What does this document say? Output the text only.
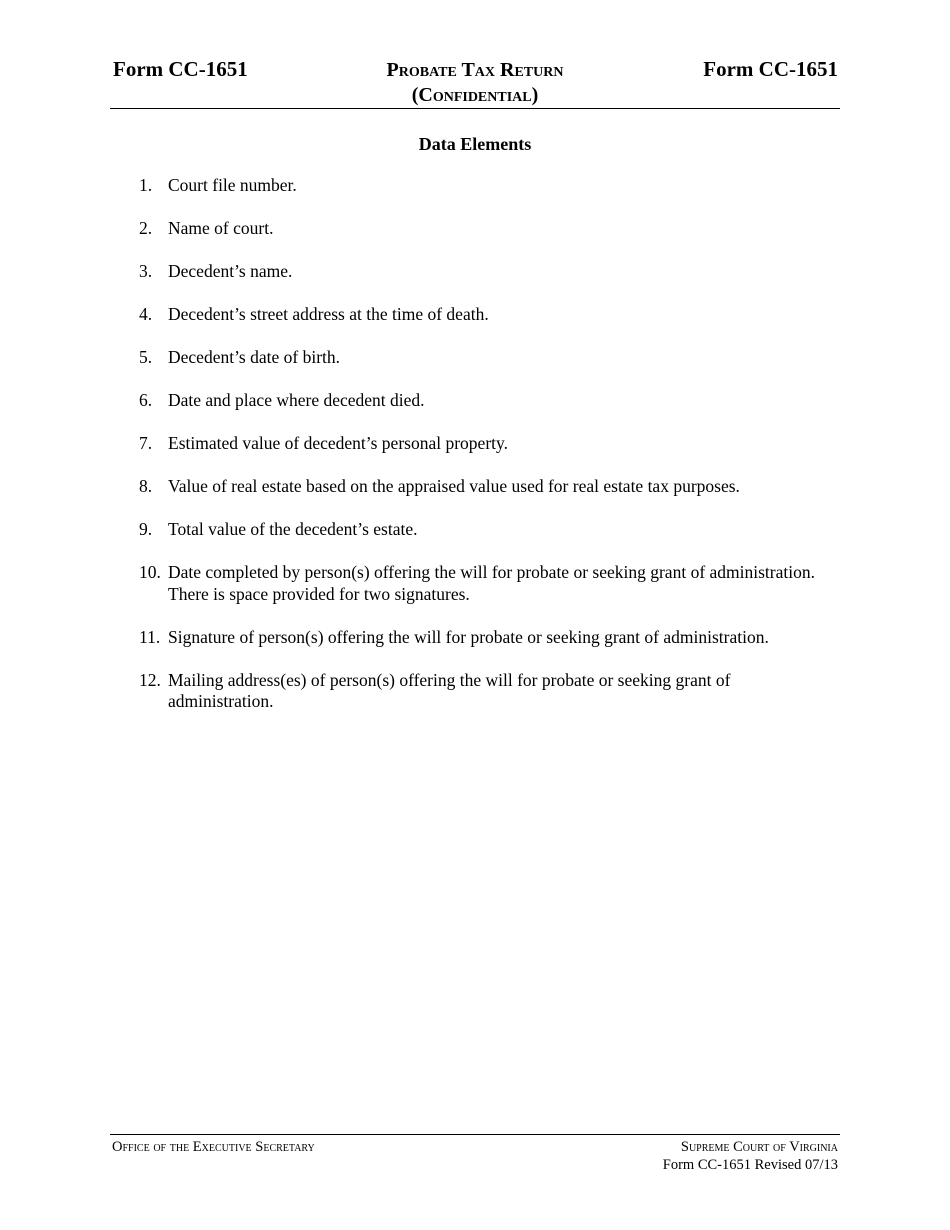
Form CC-1651	Probate Tax Return
(Confidential)
Form CC-1651
Data Elements
1. Court file number.
2. Name of court.
3. Decedent’s name.
4. Decedent’s street address at the time of death.
5. Decedent’s date of birth.
6. Date and place where decedent died.
7. Estimated value of decedent’s personal property.
8. Value of real estate based on the appraised value used for real estate tax purposes.
9. Total value of the decedent’s estate.
10. Date completed by person(s) offering the will for probate or seeking grant of administration. There is space provided for two signatures.
11. Signature of person(s) offering the will for probate or seeking grant of administration.
12. Mailing address(es) of person(s) offering the will for probate or seeking grant of administration.
Office of the Executive Secretary	Supreme Court of Virginia
Form CC-1651 Revised 07/13
